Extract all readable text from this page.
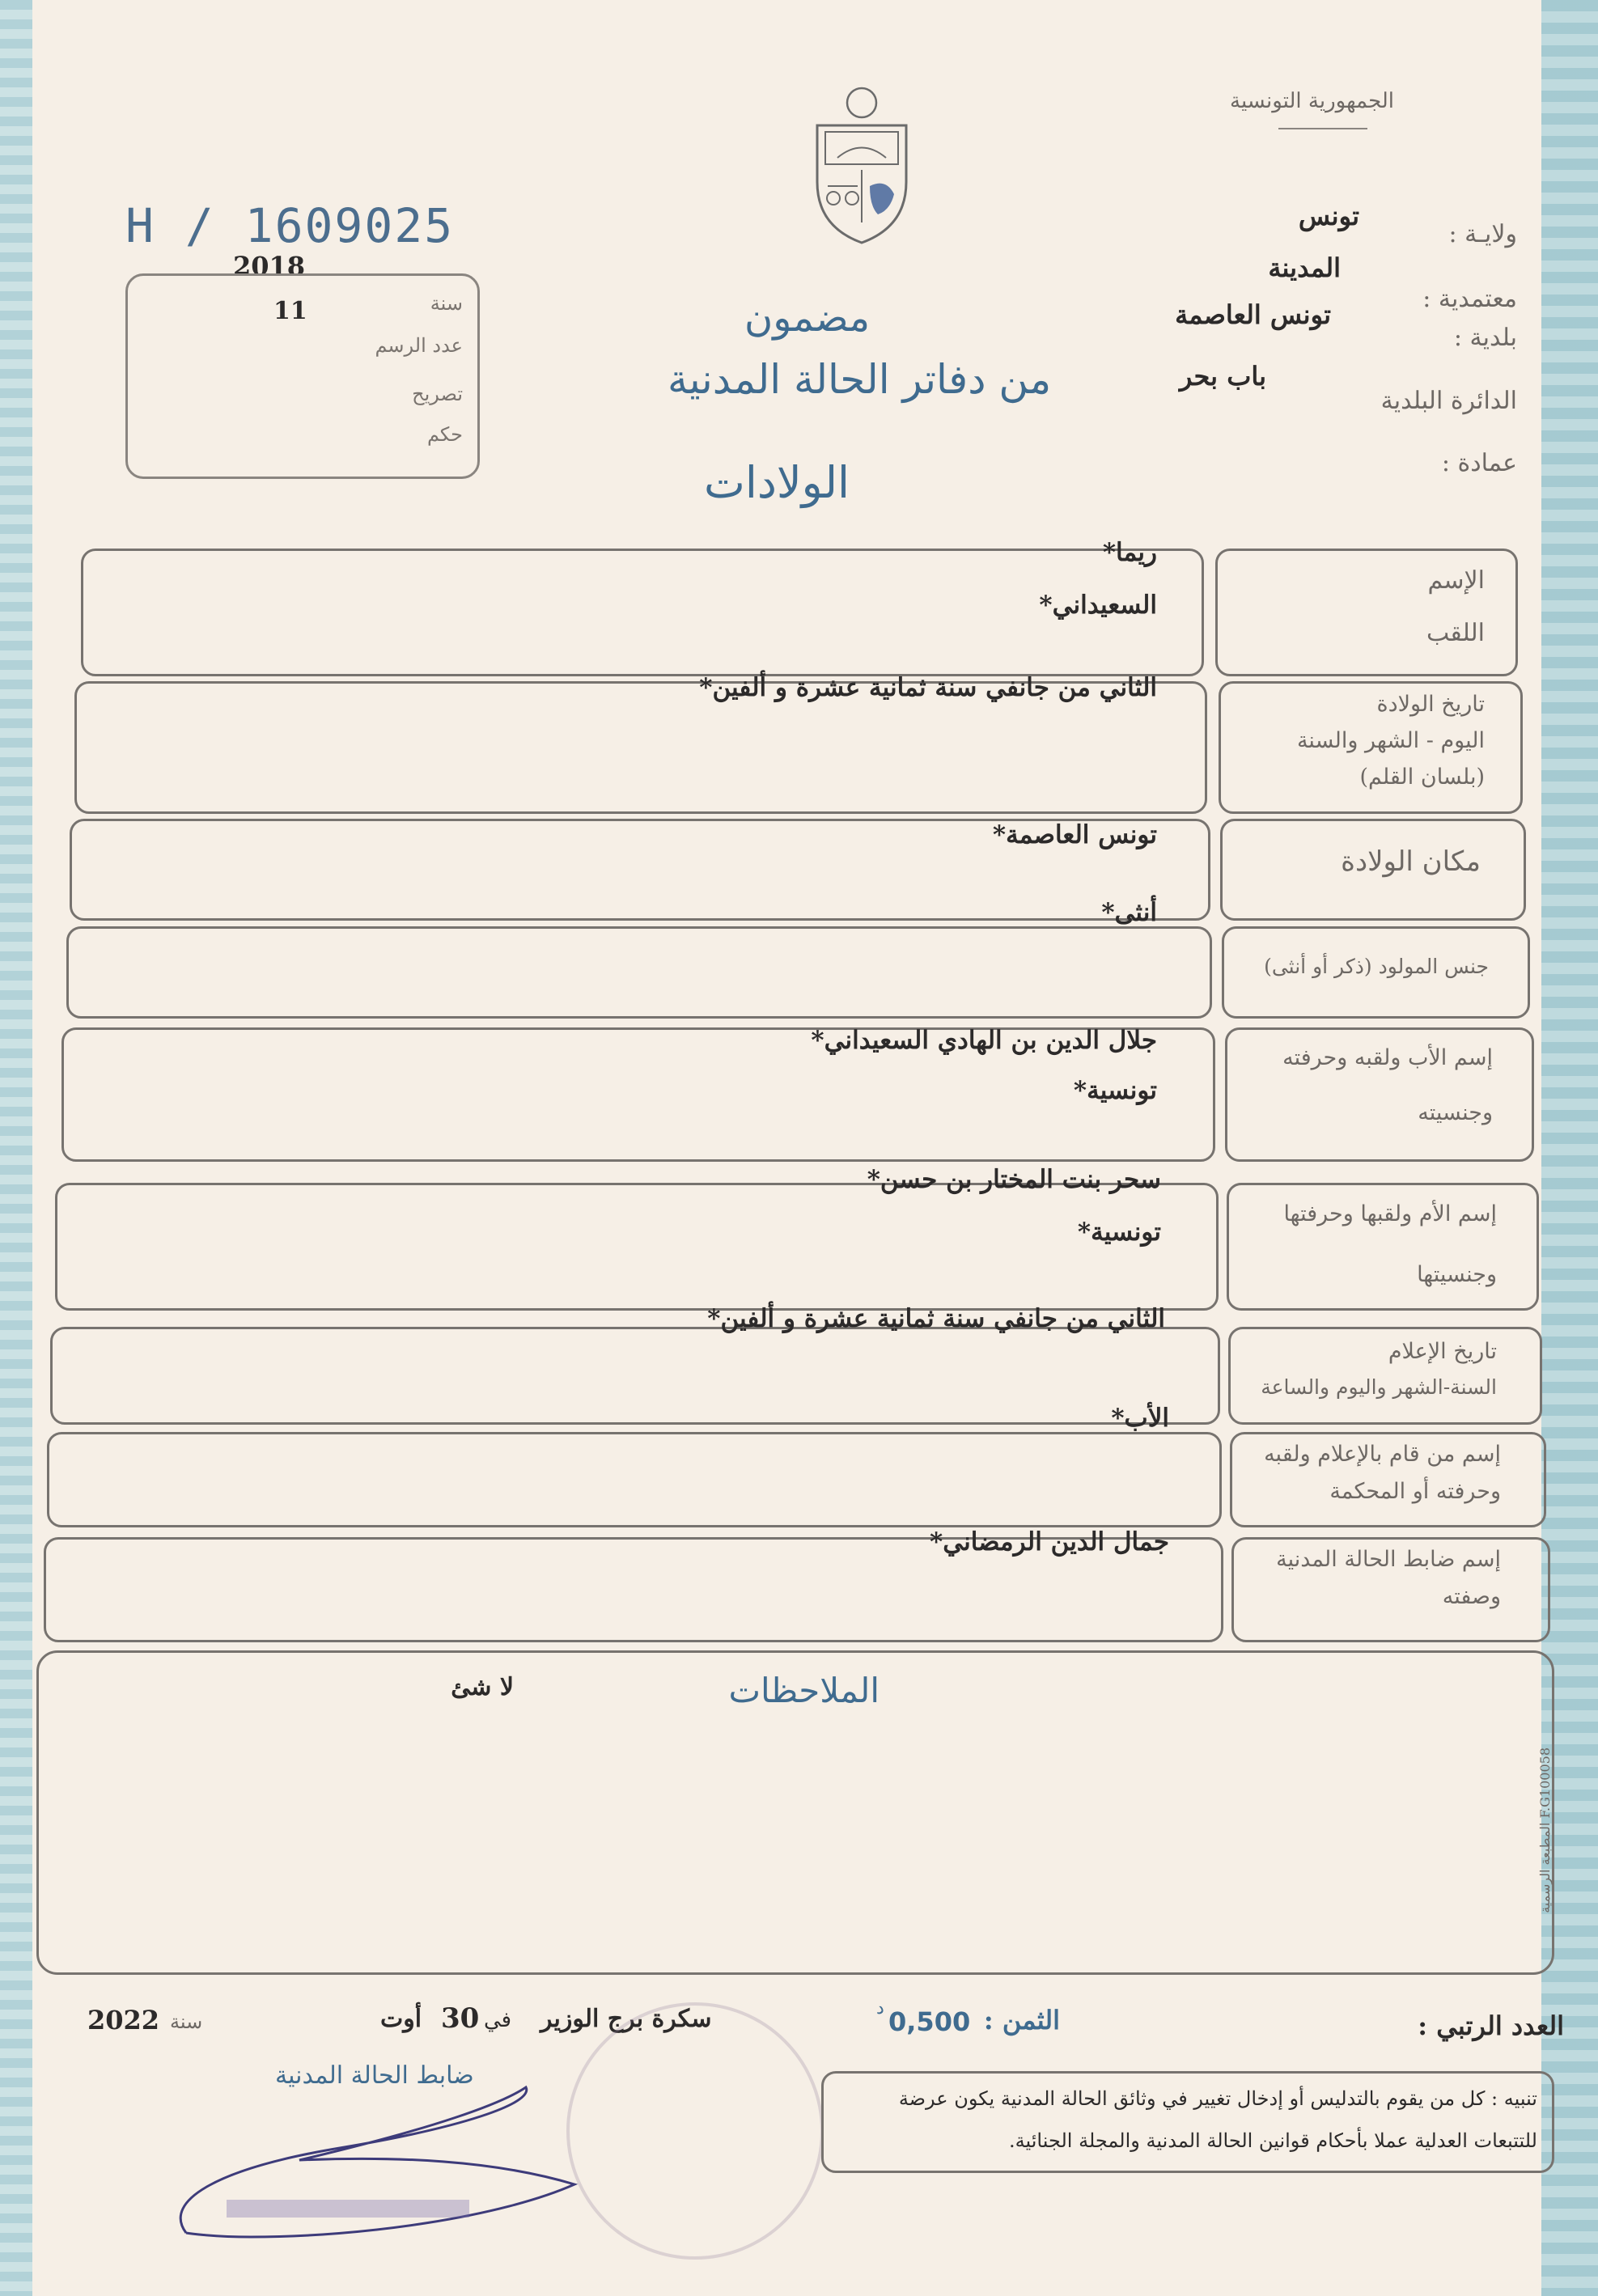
الجمهورية التونسية
H / 1609025
2018
سنة
11
عدد الرسم
تصريح
حكم
ولايـة :
تونس
معتمدية :
المدينة
بلدية :
تونس العاصمة
الدائرة البلدية
باب بحر
عمادة :
مضمون
من دفاتر الحالة المدنية
الولادات
الإسم
اللقب
ريما*
السعيداني*
تاريخ الولادة
اليوم - الشهر والسنة
(بلسان القلم)
الثاني من جانفي سنة ثمانية عشرة و ألفين*
مكان الولادة
تونس العاصمة*
جنس المولود (ذكر أو أنثى)
أنثى*
إسم الأب ولقبه وحرفته
وجنسيته
جلال الدين بن الهادي السعيداني*
تونسية*
إسم الأم ولقبها وحرفتها
وجنسيتها
سحر بنت المختار بن حسن*
تونسية*
تاريخ الإعلام
السنة-الشهر واليوم والساعة
الثاني من جانفي سنة ثمانية عشرة و ألفين*
إسم من قام بالإعلام ولقبه
وحرفته أو المحكمة
الأب*
إسم ضابط الحالة المدنية
وصفته
جمال الدين الرمضاني*
الملاحظات
لا شئ
المطبعة الرسمية F.G100058
العدد الرتبي :
الثمن :
0,500
د
سكرة برج الوزير
في
30
أوت
سنة
2022
ضابط الحالة المدنية
تنبيه : كل من يقوم بالتدليس أو إدخال تغيير في وثائق الحالة المدنية يكون عرضة
للتتبعات العدلية عملا بأحكام قوانين الحالة المدنية والمجلة الجنائية.
